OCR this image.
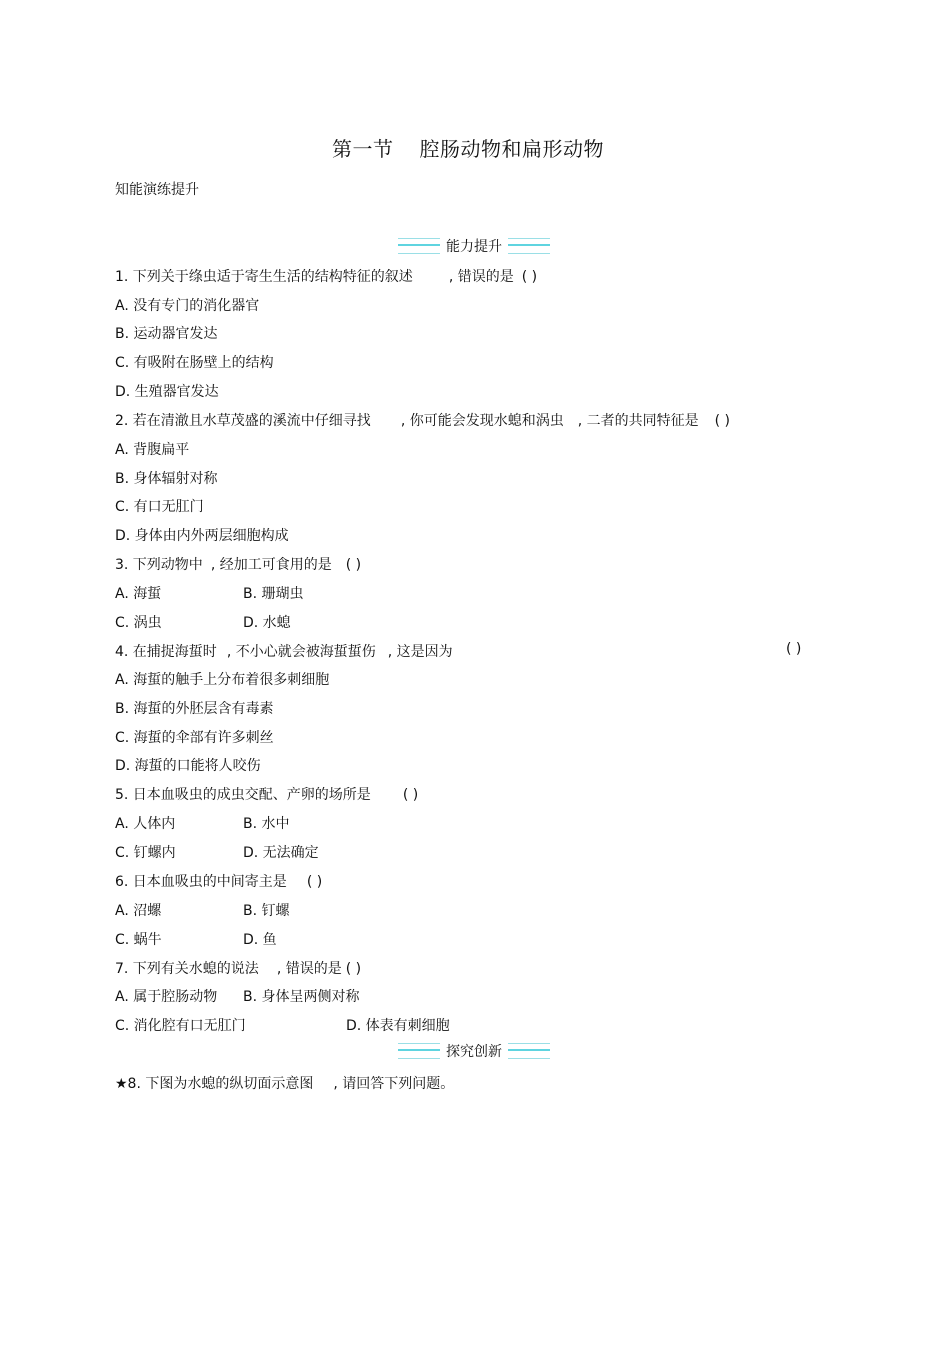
第一节 腔肠动物和扁形动物
知能演练提升
能力提升
1. 下列关于绦虫适于寄生生活的结构特征的叙述	, 错误的是 ( )
A. 没有专门的消化器官
B. 运动器官发达
C. 有吸附在肠壁上的结构
D. 生殖器官发达
2. 若在清澈且水草茂盛的溪流中仔细寻找 , 你可能会发现水螅和涡虫 , 二者的共同特征是 ( )
A. 背腹扁平
B. 身体辐射对称
C. 有口无肛门
D. 身体由内外两层细胞构成
3. 下列动物中 , 经加工可食用的是 ( )
A. 海蜇	B. 珊瑚虫
C. 涡虫	D. 水螅
4. 在捕捉海蜇时 , 不小心就会被海蜇蜇伤 , 这是因为	( )
A. 海蜇的触手上分布着很多刺细胞
B. 海蜇的外胚层含有毒素
C. 海蜇的伞部有许多刺丝
D. 海蜇的口能将人咬伤
5. 日本血吸虫的成虫交配、产卵的场所是 ( )
A. 人体内	B. 水中
C. 钉螺内	D. 无法确定
6. 日本血吸虫的中间寄主是 ( )
A. 沼螺	B. 钉螺
C. 蜗牛	D. 鱼
7. 下列有关水螅的说法 , 错误的是 ( )
A. 属于腔肠动物 B. 身体呈两侧对称
C. 消化腔有口无肛门	D. 体表有刺细胞
探究创新
★8. 下图为水螅的纵切面示意图 , 请回答下列问题。
